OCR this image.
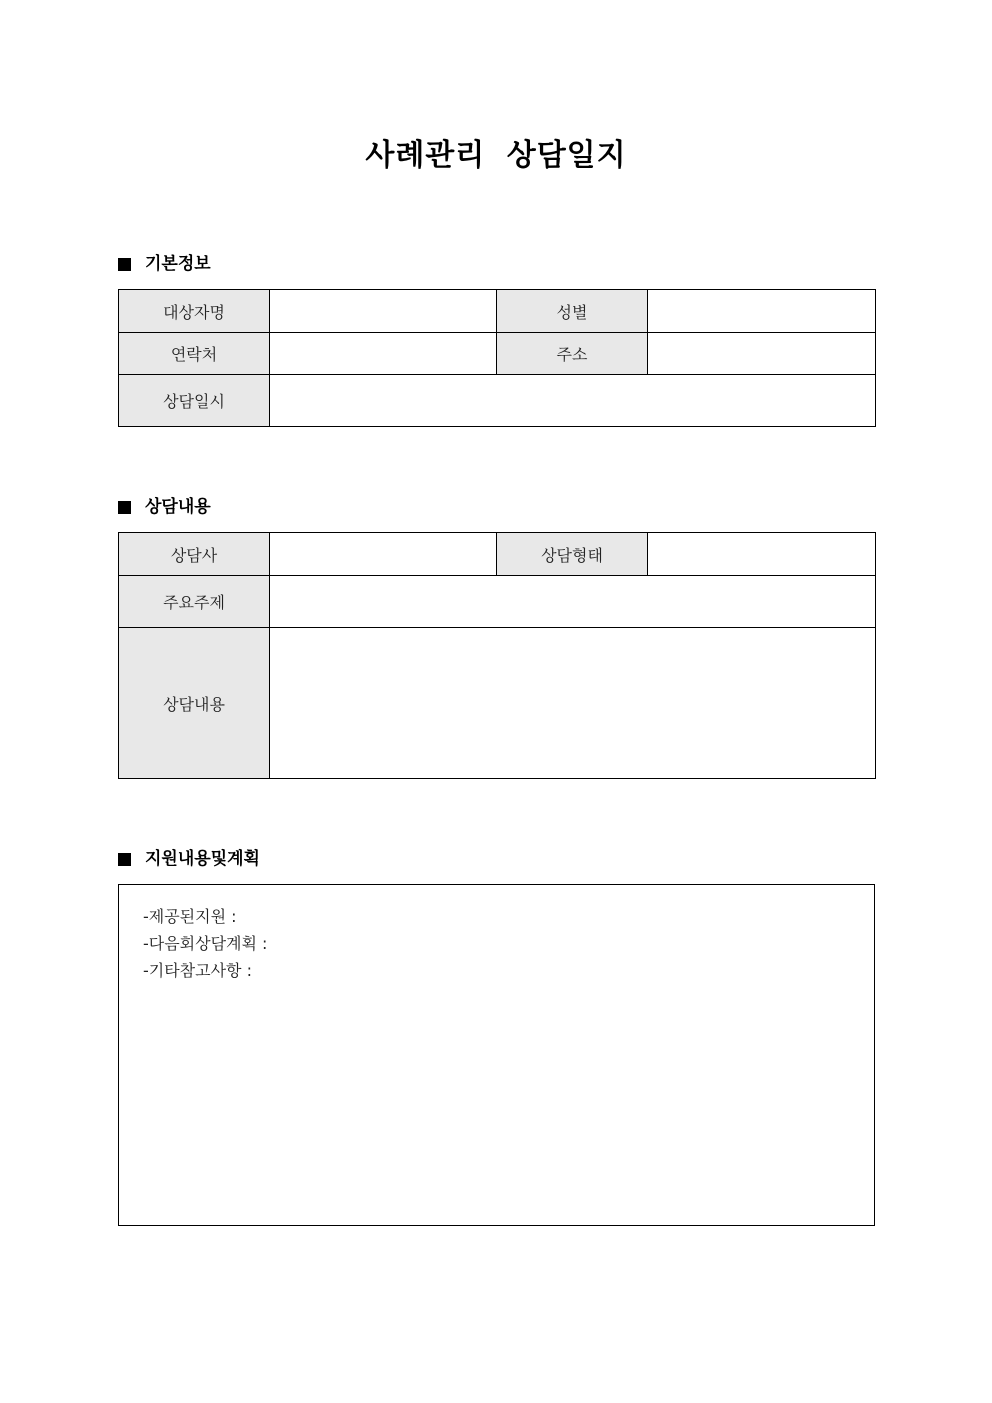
사례관리 상담일지
기본정보
대상자명		성별	
연락처		주소	
상담일시			
상담내용
상담사		상담형태	
주요주제			
상담내용			
지원내용및계획
-제공된지원 :
-다음회상담계획 :
-기타참고사항 :
